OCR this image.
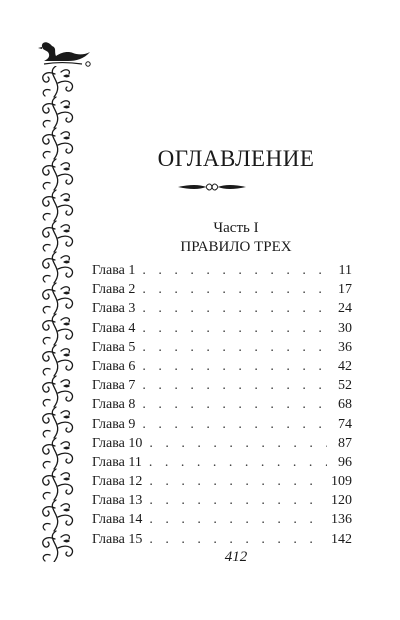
ОГЛАВЛЕНИЕ
Часть I
ПРАВИЛО ТРЕХ
Глава 1 . . .	11
Глава 2 . . .	17
Глава 3 . . .	24
Глава 4 . . .	30
Глава 5 . . .	36
Глава 6 . . .	42
Глава 7 . . .	52
Глава 8 . . .	68
Глава 9 . . .	74
Глава 10 . . .	87
Глава 11 . . .	96
Глава 12 . . .	109
Глава 13 . . .	120
Глава 14 . . .	136
Глава 15 . . .	142
412
